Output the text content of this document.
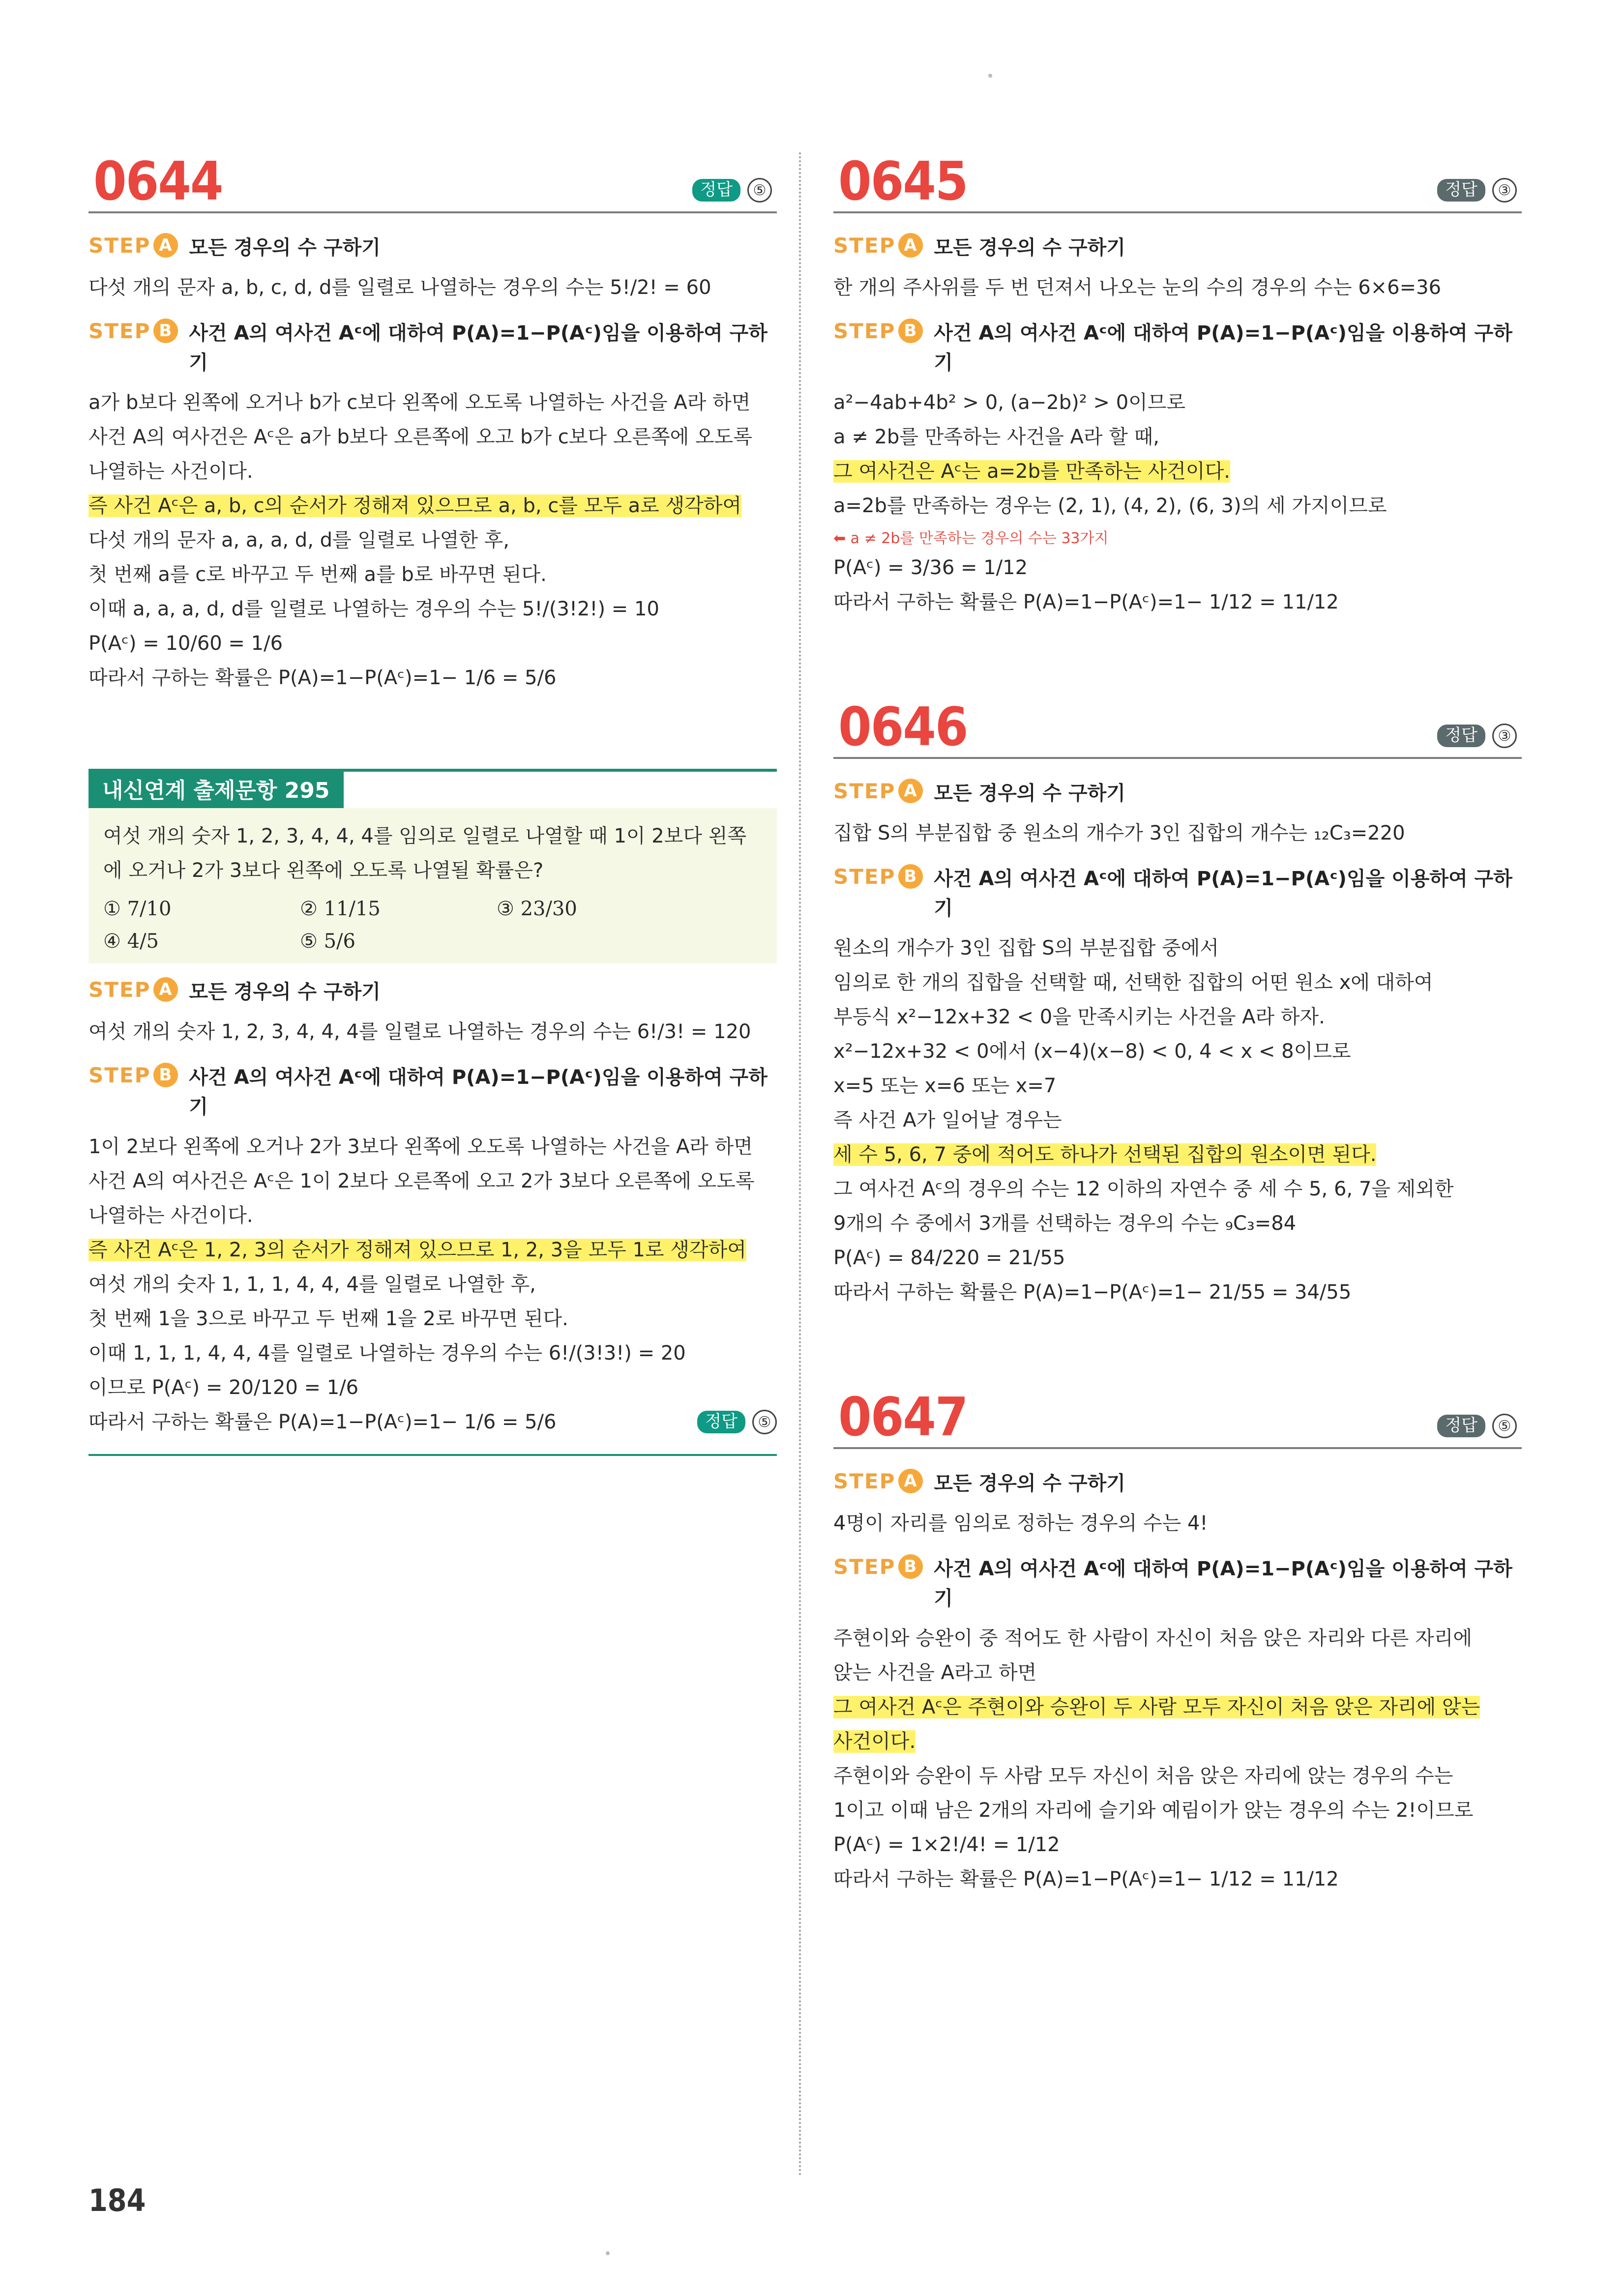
0644	정답	⑤
STEP A 모든 경우의 수 구하기

다섯 개의 문자 a, b, c, d, d를 일렬로 나열하는 경우의 수는 5!/2! = 60

STEP B 사건 A의 여사건 Aᶜ에 대하여 P(A)=1−P(Aᶜ)임을 이용하여 구하기

a가 b보다 왼쪽에 오거나 b가 c보다 왼쪽에 오도록 나열하는 사건을 A라 하면

사건 A의 여사건은 Aᶜ은 a가 b보다 오른쪽에 오고 b가 c보다 오른쪽에 오도록

나열하는 사건이다.

즉 사건 Aᶜ은 a, b, c의 순서가 정해져 있으므로 a, b, c를 모두 a로 생각하여

다섯 개의 문자 a, a, a, d, d를 일렬로 나열한 후,

첫 번째 a를 c로 바꾸고 두 번째 a를 b로 바꾸면 된다.

이때 a, a, a, d, d를 일렬로 나열하는 경우의 수는 5!/(3!2!) = 10

P(Aᶜ) = 10/60 = 1/6

따라서 구하는 확률은 P(A)=1−P(Aᶜ)=1− 1/6 = 5/6

내신연계 출제문항 295

여섯 개의 숫자 1, 2, 3, 4, 4, 4를 임의로 일렬로 나열할 때 1이 2보다 왼쪽

에 오거나 2가 3보다 왼쪽에 오도록 나열될 확률은?

① 7/10	② 11/15	③ 23/30
④ 4/5	⑤ 5/6
STEP A 모든 경우의 수 구하기

여섯 개의 숫자 1, 2, 3, 4, 4, 4를 일렬로 나열하는 경우의 수는 6!/3! = 120

STEP B 사건 A의 여사건 Aᶜ에 대하여 P(A)=1−P(Aᶜ)임을 이용하여 구하기

1이 2보다 왼쪽에 오거나 2가 3보다 왼쪽에 오도록 나열하는 사건을 A라 하면

사건 A의 여사건은 Aᶜ은 1이 2보다 오른쪽에 오고 2가 3보다 오른쪽에 오도록

나열하는 사건이다.

즉 사건 Aᶜ은 1, 2, 3의 순서가 정해져 있으므로 1, 2, 3을 모두 1로 생각하여

여섯 개의 숫자 1, 1, 1, 4, 4, 4를 일렬로 나열한 후,

첫 번째 1을 3으로 바꾸고 두 번째 1을 2로 바꾸면 된다.

이때 1, 1, 1, 4, 4, 4를 일렬로 나열하는 경우의 수는 6!/(3!3!) = 20

이므로 P(Aᶜ) = 20/120 = 1/6

따라서 구하는 확률은 P(A)=1−P(Aᶜ)=1− 1/6 = 5/6	정답	⑤
0645	정답	③
STEP A 모든 경우의 수 구하기

한 개의 주사위를 두 번 던져서 나오는 눈의 수의 경우의 수는 6×6=36

STEP B 사건 A의 여사건 Aᶜ에 대하여 P(A)=1−P(Aᶜ)임을 이용하여 구하기

a²−4ab+4b² > 0, (a−2b)² > 0이므로

a ≠ 2b를 만족하는 사건을 A라 할 때,

그 여사건은 Aᶜ는 a=2b를 만족하는 사건이다.

a=2b를 만족하는 경우는 (2, 1), (4, 2), (6, 3)의 세 가지이므로

⬅ a ≠ 2b를 만족하는 경우의 수는 33가지

P(Aᶜ) = 3/36 = 1/12

따라서 구하는 확률은 P(A)=1−P(Aᶜ)=1− 1/12 = 11/12

0646	정답	③
STEP A 모든 경우의 수 구하기

집합 S의 부분집합 중 원소의 개수가 3인 집합의 개수는 ₁₂C₃=220

STEP B 사건 A의 여사건 Aᶜ에 대하여 P(A)=1−P(Aᶜ)임을 이용하여 구하기

원소의 개수가 3인 집합 S의 부분집합 중에서

임의로 한 개의 집합을 선택할 때, 선택한 집합의 어떤 원소 x에 대하여

부등식 x²−12x+32 < 0을 만족시키는 사건을 A라 하자.

x²−12x+32 < 0에서 (x−4)(x−8) < 0, 4 < x < 8이므로

x=5 또는 x=6 또는 x=7

즉 사건 A가 일어날 경우는

세 수 5, 6, 7 중에 적어도 하나가 선택된 집합의 원소이면 된다.

그 여사건 Aᶜ의 경우의 수는 12 이하의 자연수 중 세 수 5, 6, 7을 제외한

9개의 수 중에서 3개를 선택하는 경우의 수는 ₉C₃=84

P(Aᶜ) = 84/220 = 21/55

따라서 구하는 확률은 P(A)=1−P(Aᶜ)=1− 21/55 = 34/55

0647	정답	⑤
STEP A 모든 경우의 수 구하기

4명이 자리를 임의로 정하는 경우의 수는 4!

STEP B 사건 A의 여사건 Aᶜ에 대하여 P(A)=1−P(Aᶜ)임을 이용하여 구하기

주현이와 승완이 중 적어도 한 사람이 자신이 처음 앉은 자리와 다른 자리에

앉는 사건을 A라고 하면

그 여사건 Aᶜ은 주현이와 승완이 두 사람 모두 자신이 처음 앉은 자리에 앉는

사건이다.

주현이와 승완이 두 사람 모두 자신이 처음 앉은 자리에 앉는 경우의 수는

1이고 이때 남은 2개의 자리에 슬기와 예림이가 앉는 경우의 수는 2!이므로

P(Aᶜ) = 1×2!/4! = 1/12

따라서 구하는 확률은 P(A)=1−P(Aᶜ)=1− 1/12 = 11/12

184
